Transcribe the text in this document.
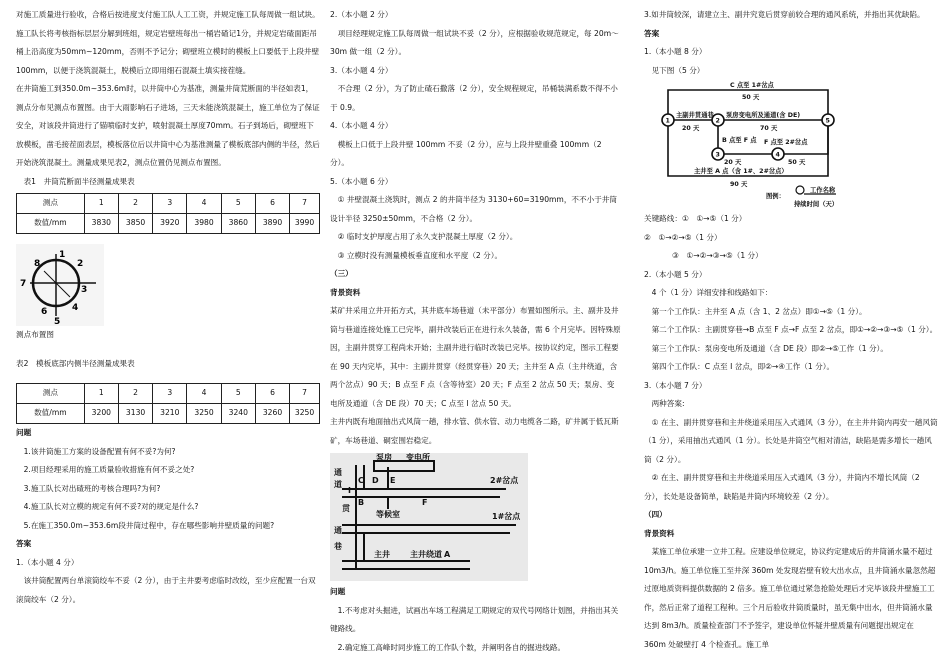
对施工质量进行验收，合格后按进度支付施工队人工工资，并规定施工队每周做一组试块。施工队长将考核指标层层分解到班组，规定岩壁班每出一桶岩碴记1分，并规定岩碴面距吊桶上沿高度为50mm~120mm，否则不予记分；砌壁班立模时的模板上口要低于上段井壁100mm，以便于浇筑混凝土，脱模后立即用细石混凝土填实接茬缝。

在井筒施工到350.0m~353.6m时，以井筒中心为基准，测量井筒荒断面的半径如表1，测点分布见测点布置图。由于大雨影响石子进场，三天未能浇筑混凝土，施工单位为了保证安全，对该段井筒进行了锚喷临时支护，喷射混凝土厚度70mm。石子到场后，砌壁班下放模板，凿毛接茬面表层，模板落位后以井筒中心为基准测量了模板底部内侧的半径，然后开始浇筑混凝土。测量成果见表2，测点位置仍见测点布置图。

表1　井筒荒断面半径测量成果表

测点	1	2	3	4	5	6	7
数值/mm	3830	3850	3920	3980	3860	3890	3990
1
2
3
4
5
6
7
8

测点布置图

表2　模板底部内侧半径测量成果表

测点	1	2	3	4	5	6	7
数值/mm	3200	3130	3210	3250	3240	3260	3250

问题

1.该井筒施工方案的设备配置有何不妥?为何?

2.项目经理采用的施工质量验收措施有何不妥之处?

3.施工队长对出碴班的考核合理吗?为何?

4.施工队长对立模的规定有何不妥?对的规定是什么?

5.在施工350.0m~353.6m段井筒过程中，存在哪些影响井壁质量的问题?

答案

1.（本小题 4 分）

该井筒配置两台单滚筒绞车不妥（2 分），由于主井要考虑临时改绞，至少应配置一台双滚筒绞车（2 分）。

2.（本小题 2 分）

项目经理规定施工队每周做一组试块不妥（2 分），应根据验收规范规定，每 20m～30m 做一组（2 分）。

3.（本小题 4 分）

不合理（2 分），为了防止碴石撒落（2 分），安全规程规定，吊桶装满系数不得不小于 0.9。

4.（本小题 4 分）

模板上口低于上段井壁 100mm 不妥（2 分），应与上段井壁重叠 100mm（2 分）。

5.（本小题 6 分）

① 井壁混凝土浇筑时，测点 2 的井筒半径为 3130+60=3190mm，不不小于井筒设计半径 3250±50mm，不合格（2 分）。

② 临时支护厚度占用了永久支护混凝土厚度（2 分）。

③ 立模时没有测量模板垂直度和水平度（2 分）。

（三）

背景资料

某矿井采用立井开拓方式，其井底车场巷道（未平部分）布置如图所示。主、副井及井筒与巷道连接处施工已完毕，副井改装后正在进行永久装备，需 6 个月完毕。因特殊原因，主副井贯穿工程尚未开始；主副井进行临时改装已完毕。按协议约定，图示工程要在 90 天内完毕，其中：主副井贯穿（经贯穿巷）20 天；主井至 A 点（主井绕道，含两个岔点）90 天；B 点至 F 点（含等待室）20 天；F 点至 2 岔点 50 天；泵房、变电所及通道（含 DE 段）70 天；C 点至 I 岔点 50 天。

主井内既有地面抽出式风筒一趟，排水管、供水管、动力电缆各二路，矿井属于低瓦斯矿，车场巷道、硐室围岩稳定。

泵房 变电所
2#岔点
通
道
贯
I
C D E
B	F
等候室
通
巷
1#岔点
A
主井	主井绕道

问题

1.不考虑对头掘进，试画出车场工程满足工期规定的双代号网络计划图，并指出其关键路线。

2.确定施工高峰时同步施工的工作队个数，并阐明各自的掘进线路。

3.如井筒较深，请建立主、副井究竟后贯穿前较合理的通风系统，并指出其优缺陷。

答案

1.（本小题 8 分）

见下图（5 分）

1	2
3	4
5
主副井贯通巷
20 天
C 点至 1#岔点
50 天
泵房变电所及通道(含 DE)
70 天
B 点至 F 点
20 天
F 点至 2#岔点
50 天
主井至 A 点（含 1#、2#岔点）
90 天
图例：
工作名称
持续时间（天）

关键路线：①　①→⑤（1 分）

②　①→②→⑤（1 分）

③　①→②→③→⑤（1 分）

2.（本小题 5 分）

4 个（1 分）详细安排和线路如下：

第一个工作队：主井至 A 点（含 1、2 岔点）即①→⑤（1 分）。

第二个工作队：主副贯穿巷→B 点至 F 点→F 点至 2 岔点，即①→②→③→⑤（1 分）。

第三个工作队：泵房变电所及通道（含 DE 段）即②→⑤工作（1 分）。

第四个工作队：C 点至 I 岔点，即②→④工作（1 分）。

3.（本小题 7 分）

两种答案:

① 在主、副井贯穿巷和主井绕道采用压入式通风（3 分），在主井井筒内再安一趟风筒（1 分），采用抽出式通风（1 分）。长处是井筒空气相对清洁，缺陷是需多增长一趟风筒（2 分）。

② 在主、副井贯穿巷和主井绕道采用压入式通风（3 分），井筒内不增长风筒（2 分），长处是设备简单，缺陷是井筒内环境较差（2 分）。

（四）

背景资料

某施工单位承建一立井工程。应建设单位规定，协议约定建成后的井筒涌水量不超过 10m3/h。施工单位施工至井深 360m 处发现岩壁有较大出水点，且井筒涌水量忽然超过原地质资料提供数据的 2 倍多。施工单位通过紧急抢险处理后才完毕该段井壁施工工作，然后正常了道程工程种。三个月后验收井筒质量时，虽无集中出水，但井筒涌水量达到 8m3/h。质量检查部门不予签字，建设单位怀疑井壁质量有问题提出规定在 360m 处破壁打 4 个检查孔。施工单
